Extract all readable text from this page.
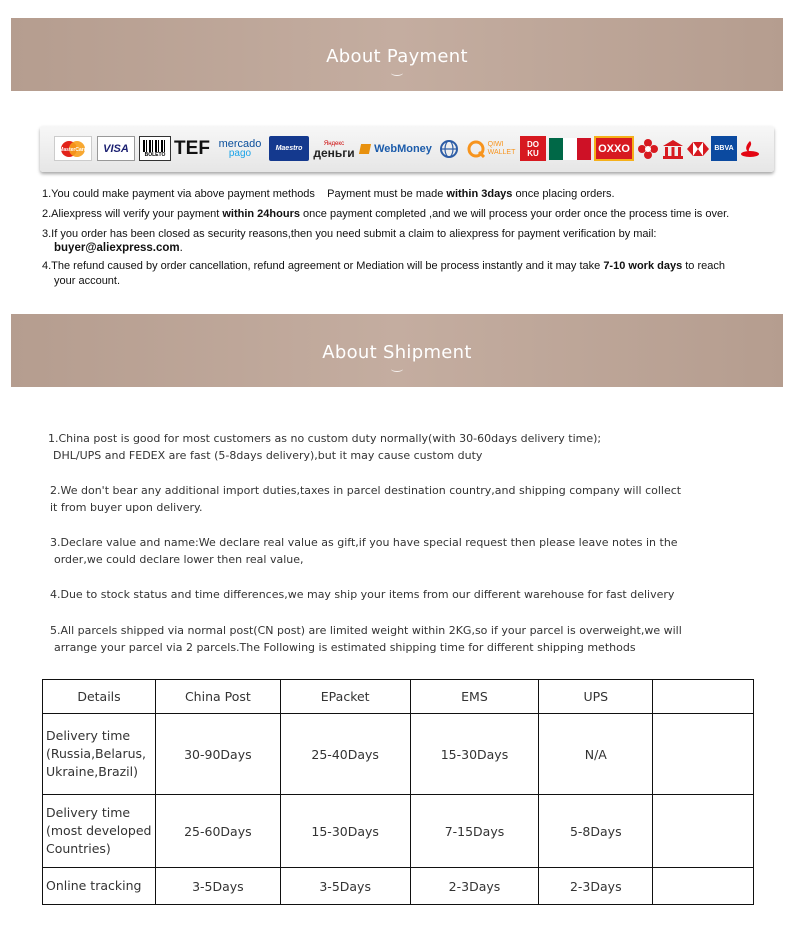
About Payment
MasterCard VISA	BOLETO TEF mercado
pago	Maestro
Яндекс
деньги WebMoney	QIWI
WALLET
DO KU	OXXO	BBVA

1.You could make payment via above payment methods Payment must be made within 3days once placing orders.

2.Aliexpress will verify your payment within 24hours once payment completed ,and we will process your order once the process time is over.

3.If you order has been closed as security reasons,then you need submit a claim to aliexpress for payment verification by mail:

buyer@aliexpress.com.

4.The refund caused by order cancellation, refund agreement or Mediation will be process instantly and it may take 7-10 work days to reach

your account.

About Shipment
1.China post is good for most customers as no custom duty normally(with 30-60days delivery time);
DHL/UPS and FEDEX are fast (5-8days delivery),but it may cause custom duty
2.We don't bear any additional import duties,taxes in parcel destination country,and shipping company will collect
it from buyer upon delivery.
3.Declare value and name:We declare real value as gift,if you have special request then please leave notes in the
order,we could declare lower then real value,
4.Due to stock status and time differences,we may ship your items from our different warehouse for fast delivery
5.All parcels shipped via normal post(CN post) are limited weight within 2KG,so if your parcel is overweight,we will
arrange your parcel via 2 parcels.The Following is estimated shipping time for different shipping methods
Details	China Post	EPacket	EMS	UPS	

Delivery time
(Russia,Belarus,
Ukraine,Brazil)	30-90Days	25-40Days	15-30Days	N/A	

Delivery time
(most developed
Countries)	25-60Days	15-30Days	7-15Days	5-8Days	

Online tracking	3-5Days	3-5Days	2-3Days	2-3Days	
